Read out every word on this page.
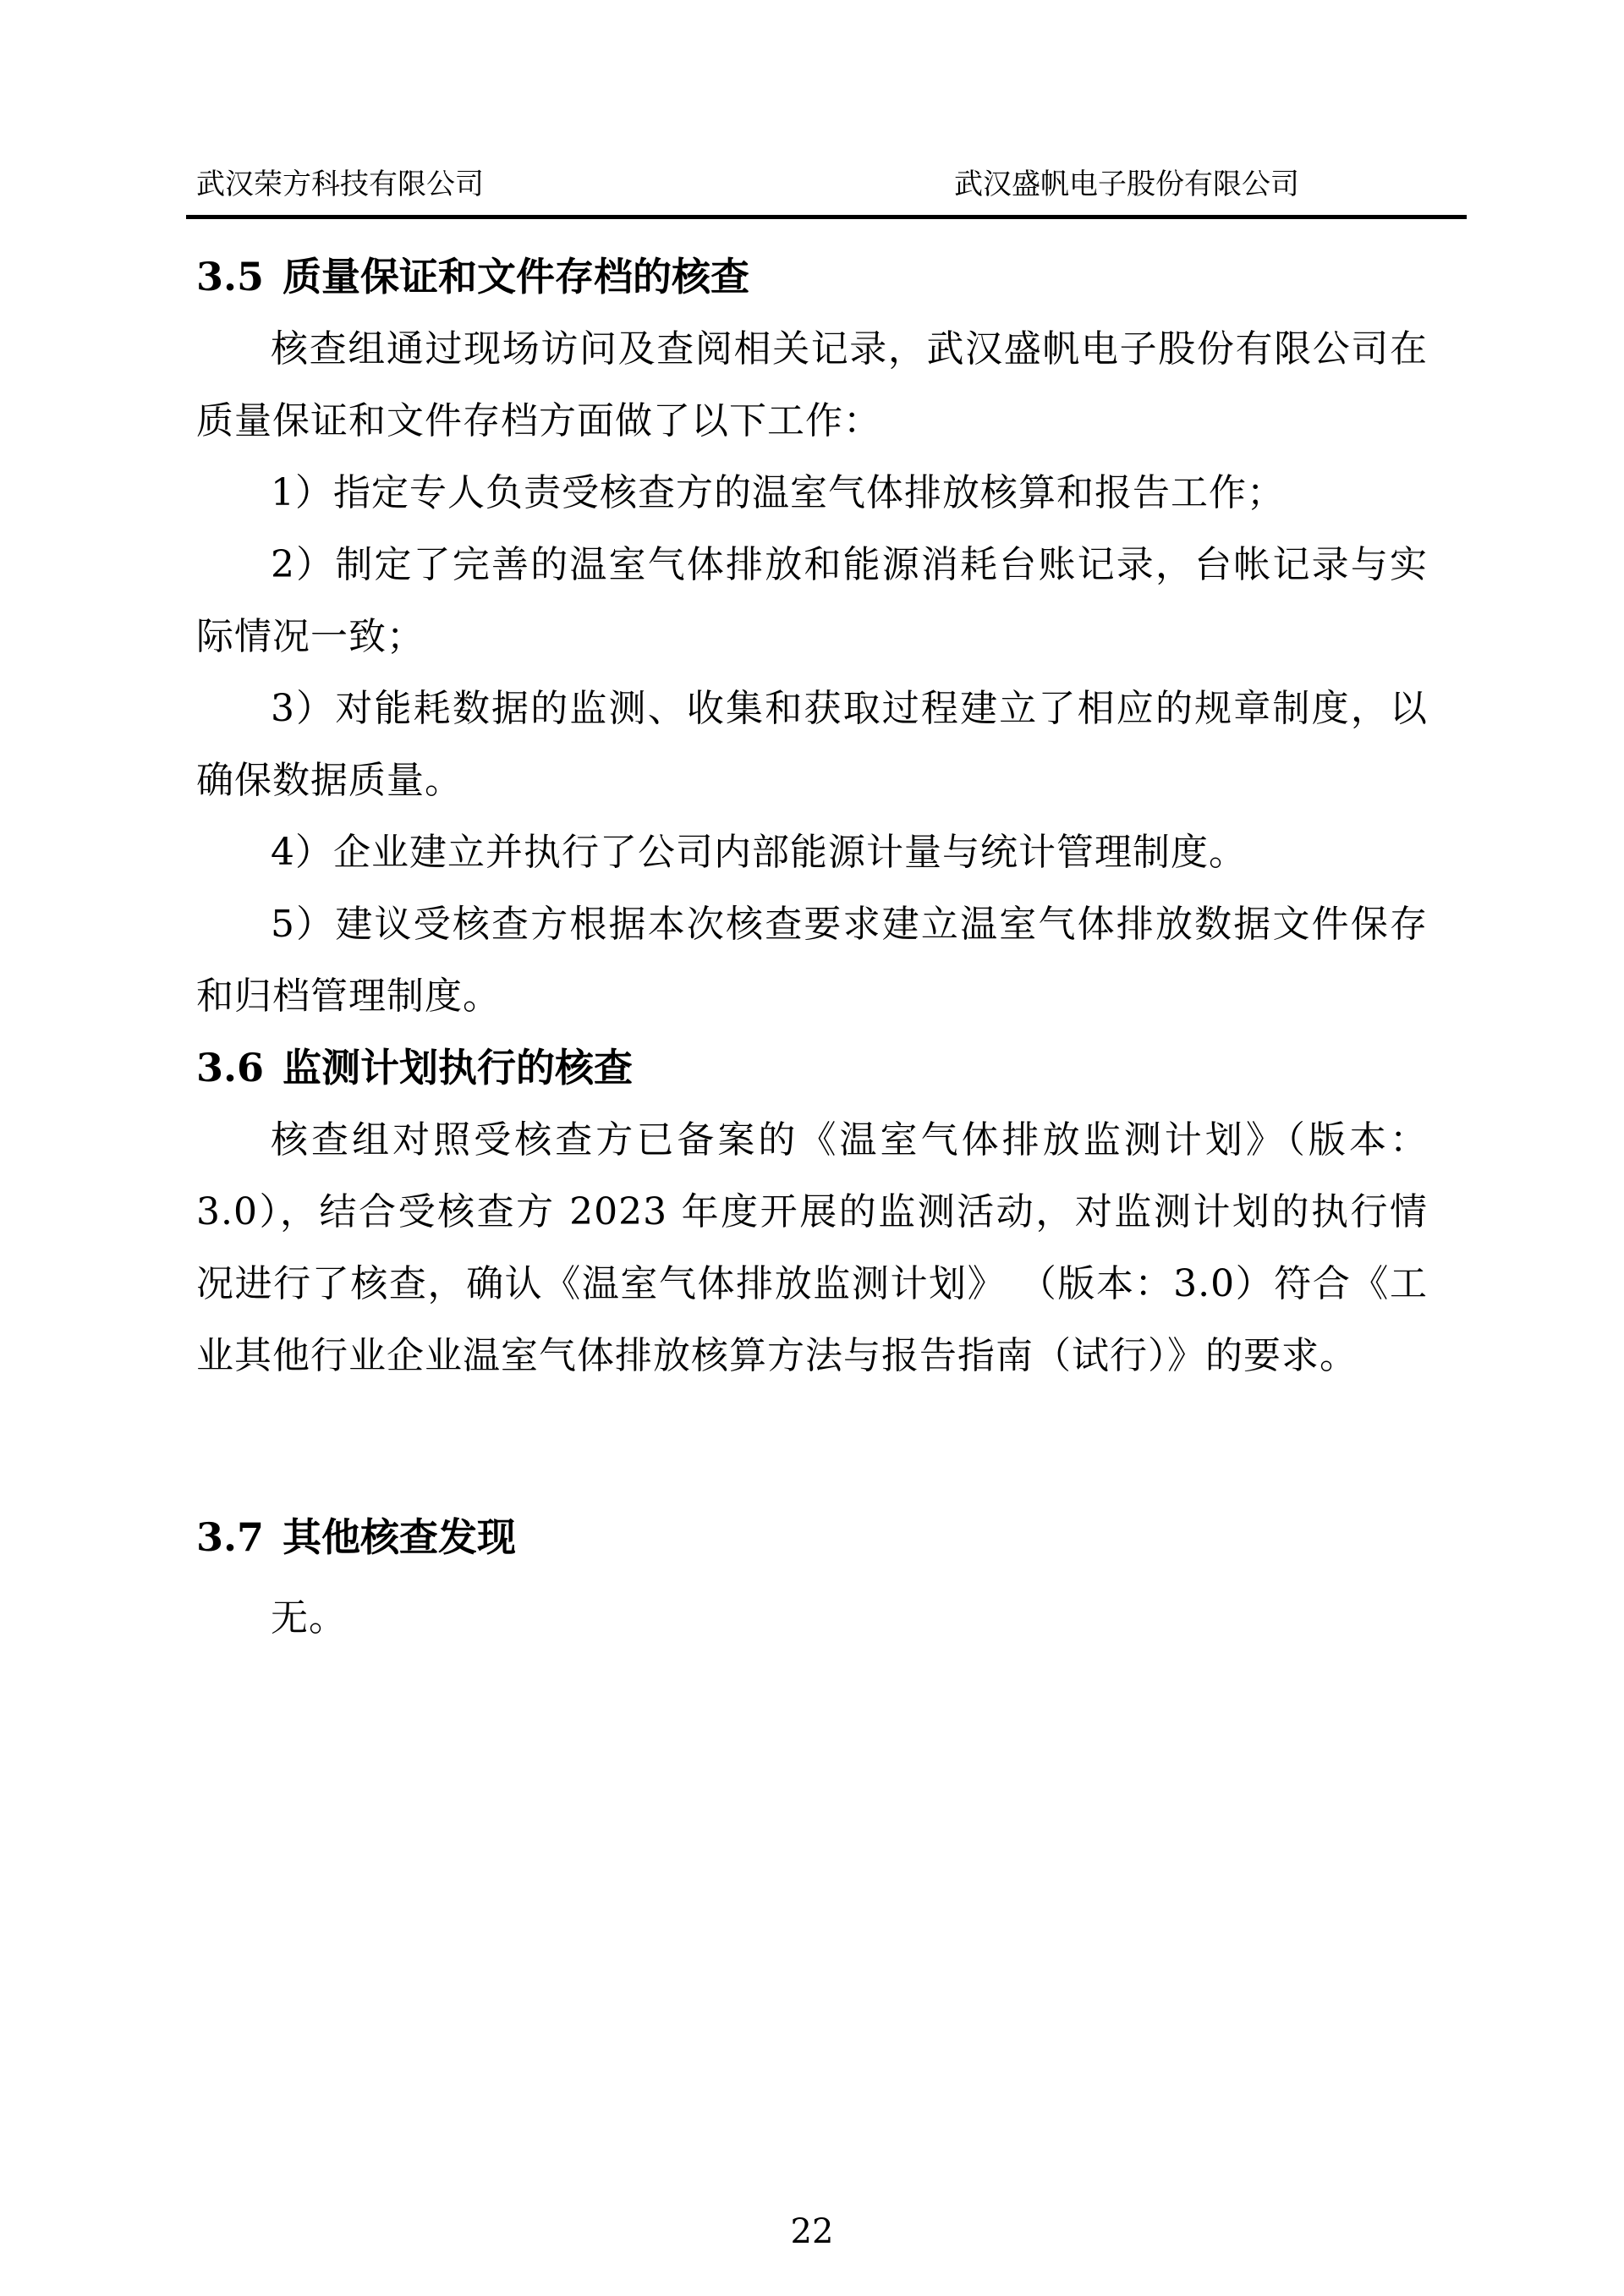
武汉荣方科技有限公司	武汉盛帆电子股份有限公司
3.5 质量保证和文件存档的核查

核查组通过现场访问及查阅相关记录，武汉盛帆电子股份有限公司在质量保证和文件存档方面做了以下工作：

1）指定专人负责受核查方的温室气体排放核算和报告工作；

2）制定了完善的温室气体排放和能源消耗台账记录，台帐记录与实际情况一致；

3）对能耗数据的监测、收集和获取过程建立了相应的规章制度，以确保数据质量。

4）企业建立并执行了公司内部能源计量与统计管理制度。

5）建议受核查方根据本次核查要求建立温室气体排放数据文件保存和归档管理制度。

3.6 监测计划执行的核查

核查组对照受核查方已备案的《温室气体排放监测计划》（版本：3.0），结合受核查方 2023 年度开展的监测活动，对监测计划的执行情况进行了核查，确认《温室气体排放监测计划》 （版本：3.0）符合《工业其他行业企业温室气体排放核算方法与报告指南（试行）》的要求。

3.7 其他核查发现

无。

22
